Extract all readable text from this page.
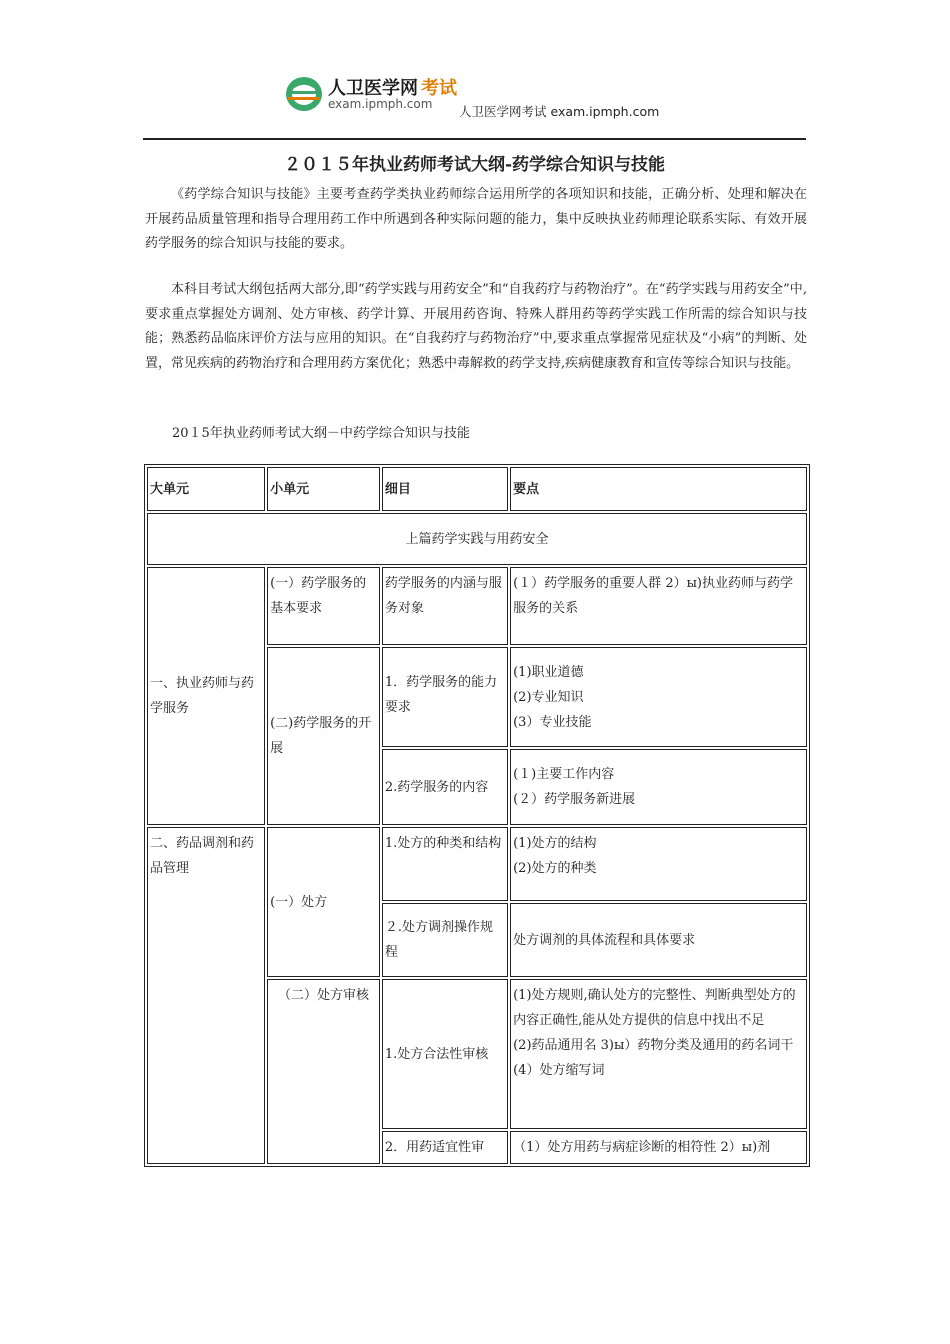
人卫医学网 考试
exam.ipmph.com 人卫医学网考试 exam.ipmph.com
２０１５年执业药师考试大纲-药学综合知识与技能
《药学综合知识与技能》主要考查药学类执业药师综合运用所学的各项知识和技能，正确分析、处理和解决在开展药品质量管理和指导合理用药工作中所遇到各种实际问题的能力，集中反映执业药师理论联系实际、有效开展药学服务的综合知识与技能的要求。
本科目考试大纲包括两大部分,即“药学实践与用药安全”和“自我药疗与药物治疗”。在“药学实践与用药安全”中,要求重点掌握处方调剂、处方审核、药学计算、开展用药咨询、特殊人群用药等药学实践工作所需的综合知识与技能；熟悉药品临床评价方法与应用的知识。在“自我药疗与药物治疗”中,要求重点掌握常见症状及“小病”的判断、处置，常见疾病的药物治疗和合理用药方案优化；熟悉中毒解救的药学支持,疾病健康教育和宣传等综合知识与技能。
20１5年执业药师考试大纲－中药学综合知识与技能
大单元	小单元	细目	要点
上篇药学实践与用药安全			
一、执业药师与药学服务	(一）药学服务的基本要求	药学服务的内涵与服务对象	(１）药学服务的重要人群 2）ы)执业药师与药学服务的关系
	(二)药学服务的开展	1．药学服务的能力要求	(1)职业道德
(2)专业知识
(3）专业技能

		2.药学服务的内容	(１)主要工作内容
(２）药学服务新进展

二、药品调剂和药品管理	(一）处方	1.处方的种类和结构	(1)处方的结构
(2)处方的种类

		２.处方调剂操作规程	处方调剂的具体流程和具体要求
	（二）处方审核	1.处方合法性审核	(1)处方规则,确认处方的完整性、判断典型处方的内容正确性,能从处方提供的信息中找出不足
(2)药品通用名 3)ы）药物分类及通用的药名词干
(4）处方缩写词

		2．用药适宜性审	（1）处方用药与病症诊断的相符性 2）ы)剂
